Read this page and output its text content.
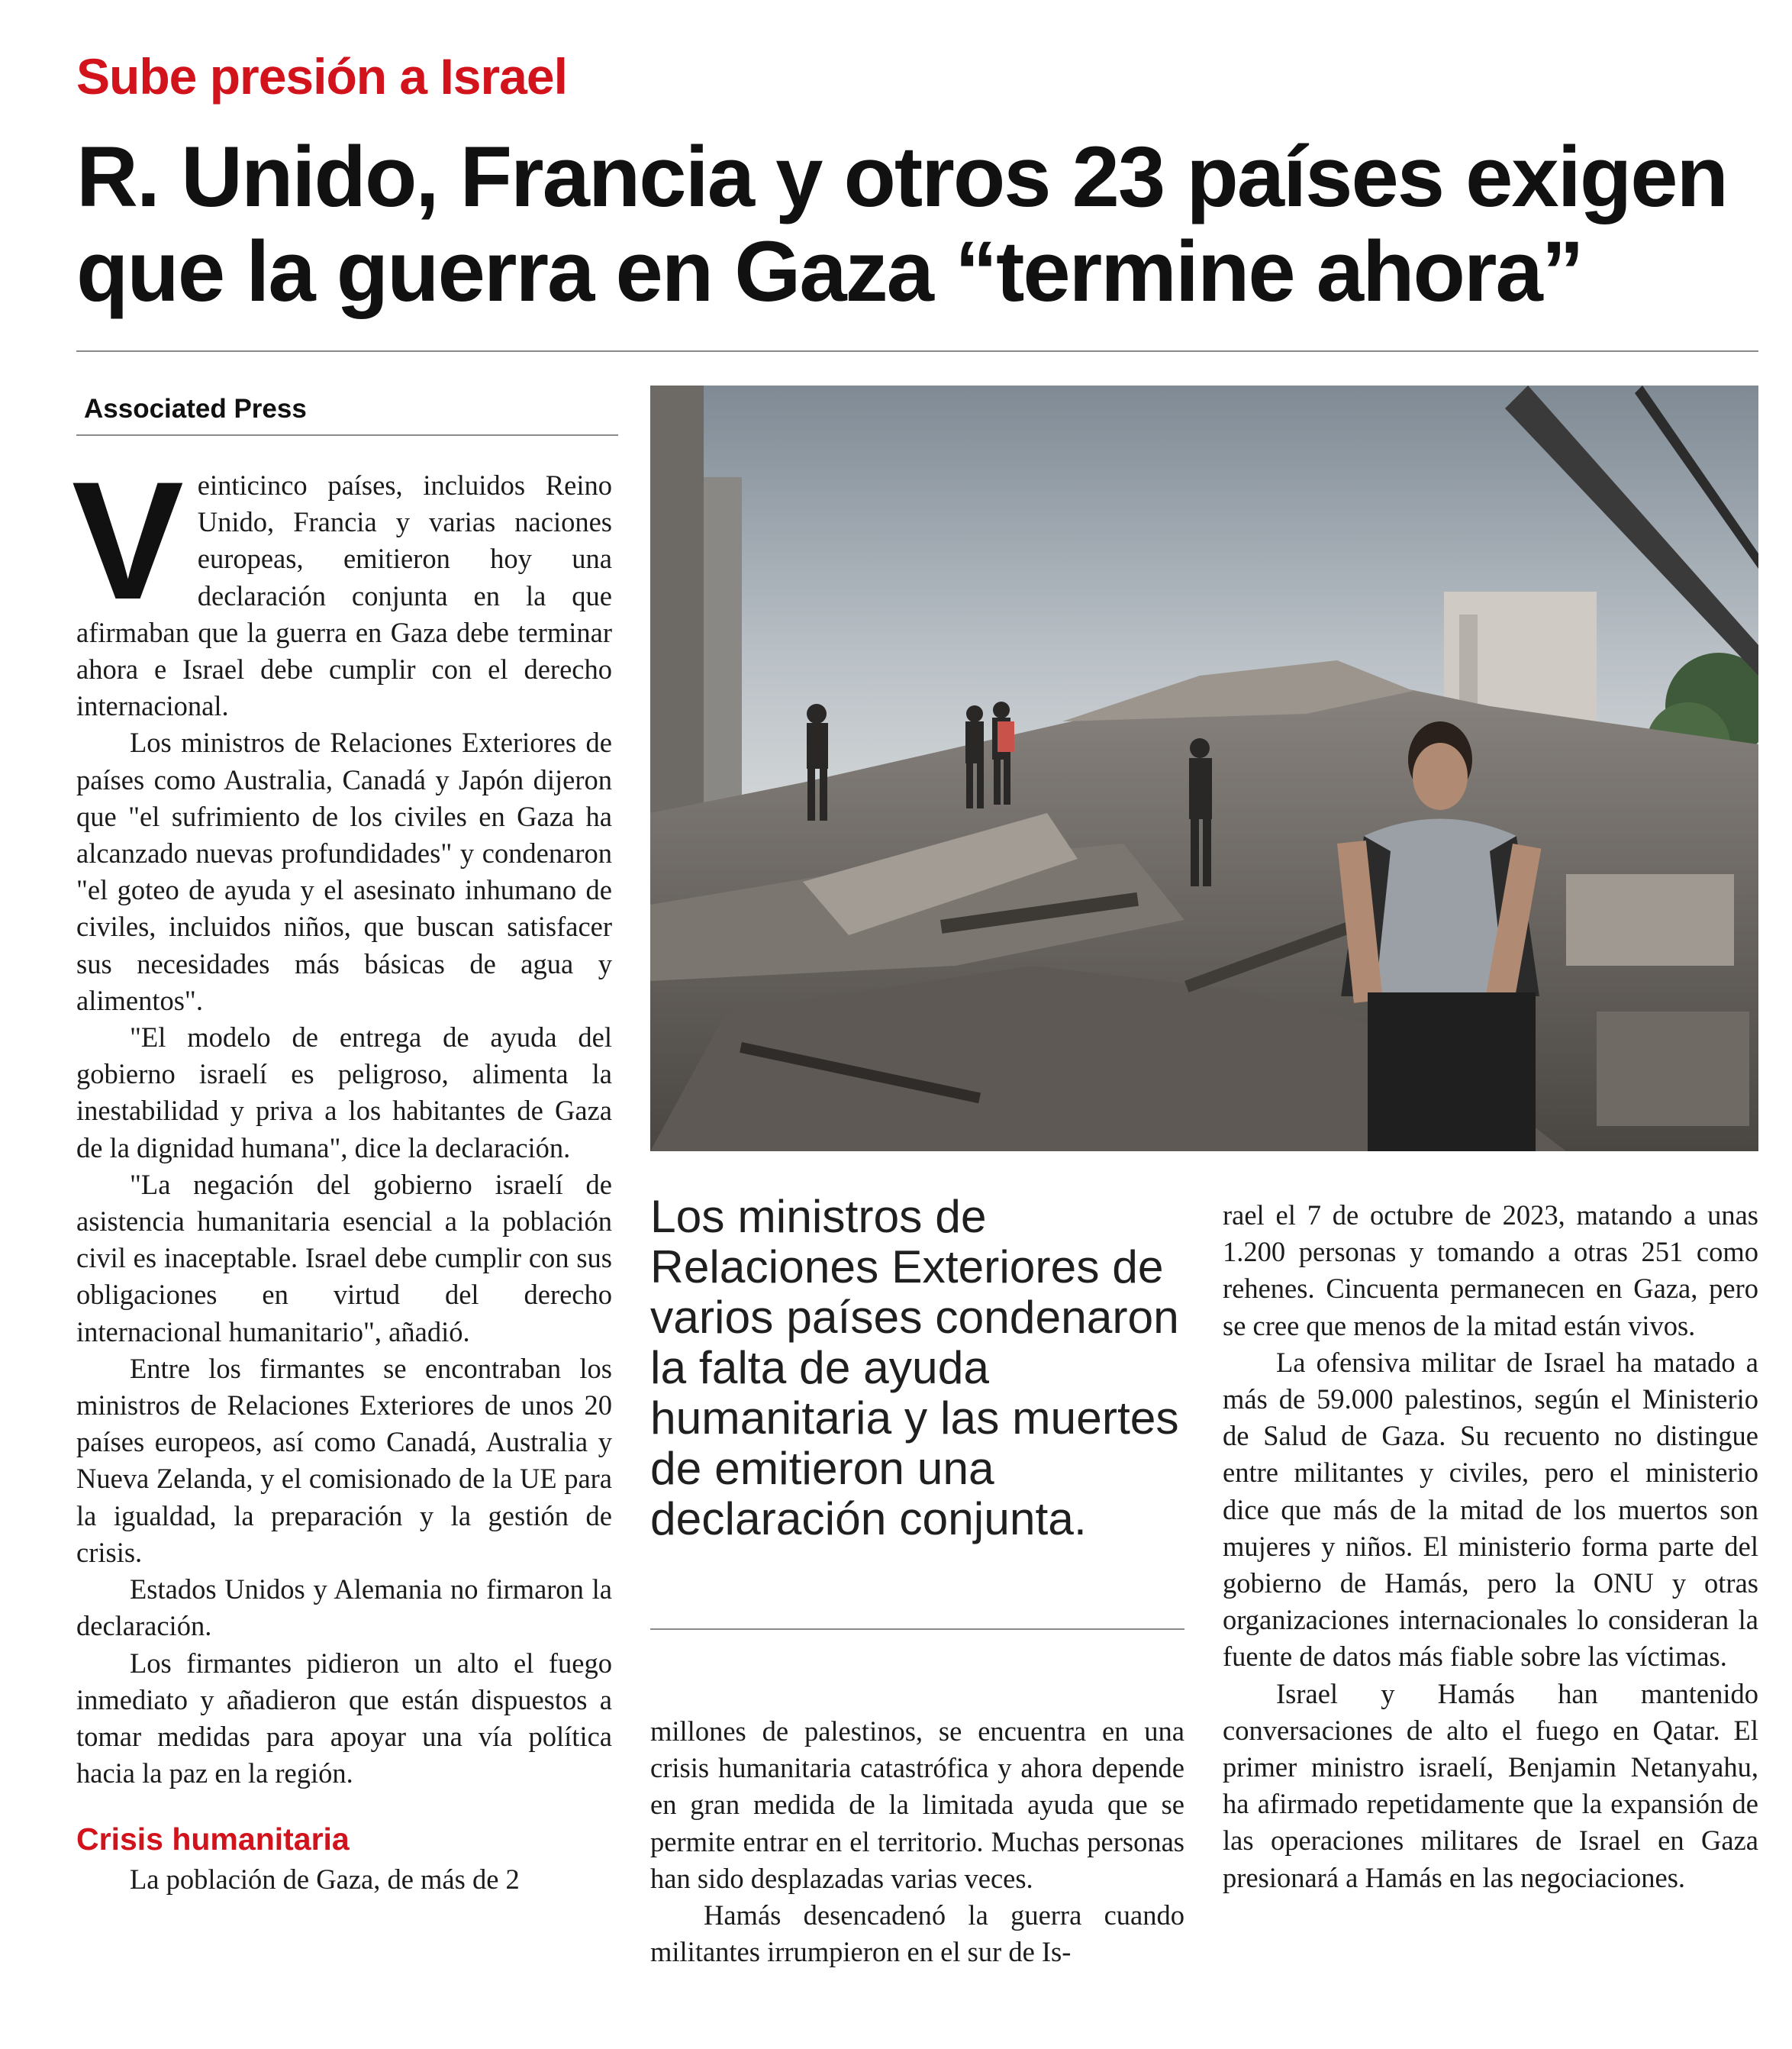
Sube presión a Israel
R. Unido, Francia y otros 23 países exigen
que la guerra en Gaza “termine ahora”
Associated Press

Veinticinco países, incluidos Reino Unido, Francia y varias naciones europeas, emitieron hoy una declaración conjunta en la que afirmaban que la guerra en Gaza debe terminar ahora e Israel debe cumplir con el derecho internacional.

Los ministros de Relaciones Exteriores de países como Australia, Canadá y Japón dijeron que "el sufrimiento de los civiles en Gaza ha alcanzado nuevas profundidades" y condenaron "el goteo de ayuda y el asesinato inhumano de civiles, incluidos niños, que buscan satisfacer sus necesidades más básicas de agua y alimentos".

"El modelo de entrega de ayuda del gobierno israelí es peligroso, alimenta la inestabilidad y priva a los habitantes de Gaza de la dignidad humana", dice la declaración.

"La negación del gobierno israelí de asistencia humanitaria esencial a la población civil es inaceptable. Israel debe cumplir con sus obligaciones en virtud del derecho internacional humanitario", añadió.

Entre los firmantes se encontraban los ministros de Relaciones Exteriores de unos 20 países europeos, así como Canadá, Australia y Nueva Zelanda, y el comisionado de la UE para la igualdad, la preparación y la gestión de crisis.

Estados Unidos y Alemania no firmaron la declaración.

Los firmantes pidieron un alto el fuego inmediato y añadieron que están dispuestos a tomar medidas para apoyar una vía política hacia la paz en la región.

Crisis humanitaria

La población de Gaza, de más de 2

Los ministros de Relaciones Exteriores de varios países condenaron la falta de ayuda humanitaria y las muertes de emitieron una declaración conjunta.

millones de palestinos, se encuentra en una crisis humanitaria catastrófica y ahora depende en gran medida de la limitada ayuda que se permite entrar en el territorio. Muchas personas han sido desplazadas varias veces.

Hamás desencadenó la guerra cuando militantes irrumpieron en el sur de Is-

rael el 7 de octubre de 2023, matando a unas 1.200 personas y tomando a otras 251 como rehenes. Cincuenta permanecen en Gaza, pero se cree que menos de la mitad están vivos.

La ofensiva militar de Israel ha matado a más de 59.000 palestinos, según el Ministerio de Salud de Gaza. Su recuento no distingue entre militantes y civiles, pero el ministerio dice que más de la mitad de los muertos son mujeres y niños. El ministerio forma parte del gobierno de Hamás, pero la ONU y otras organizaciones internacionales lo consideran la fuente de datos más fiable sobre las víctimas.

Israel y Hamás han mantenido conversaciones de alto el fuego en Qatar. El primer ministro israelí, Benjamin Netanyahu, ha afirmado repetidamente que la expansión de las operaciones militares de Israel en Gaza presionará a Hamás en las negociaciones.
